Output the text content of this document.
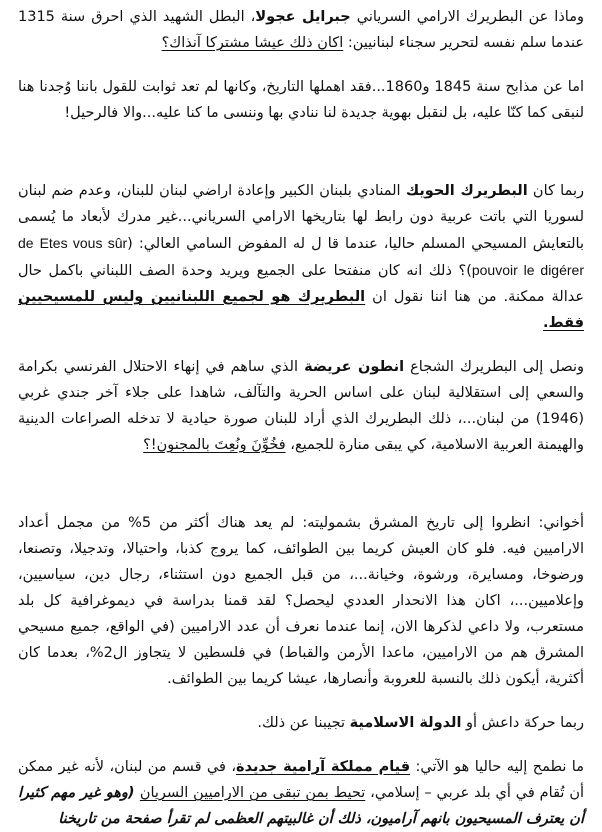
وماذا عن البطريرك الارامي السرياني جبرايل عجولا، البطل الشهيد الذي احرق سنة 1315 عندما سلم نفسه لتحرير سجناء لبنانيين: اكان ذلك عيشا مشتركا آنذاك؟

اما عن مذابح سنة 1845 و1860...فقد اهملها التاريخ، وكانها لم تعد ثوابت للقول باننا وُجدنا هنا لنبقى كما كنّا عليه، بل لنقبل بهوية جديدة لنا ننادي بها وننسى ما كنا عليه...والا فالرحيل!

ربما كان البطريرك الحويك المنادي بلبنان الكبير وإعادة اراضي لبنان للبنان، وعدم ضم لبنان لسوريا التي باتت عربية دون رابط لها بتاريخها الارامي السرياني...غير مدرك لأبعاد ما يُسمى بالتعايش المسيحي المسلم حاليا، عندما قا ل له المفوض السامي العالي: (Etes vous sûr de pouvoir le digérer)؟ ذلك انه كان منفتحا على الجميع ويريد وحدة الصف اللبناني باكمل حال عدالة ممكنة. من هنا اننا نقول ان البطريرك هو لجميع اللبنانيين وليس للمسيحيين فقط.

ونصل إلى البطريرك الشجاع انطون عريضة الذي ساهم في إنهاء الاحتلال الفرنسي بكرامة والسعي إلى استقلالية لبنان على اساس الحرية والتآلف، شاهدا على جلاء آخر جندي غربي (1946) من لبنان...، ذلك البطريرك الذي أراد للبنان صورة حيادية لا تدخله الصراعات الدينية والهيمنة العربية الاسلامية، كي يبقى منارة للجميع، فخُوِّنَ ونُعِتَ بالمجنون!؟

أخواني: انظروا إلى تاريخ المشرق بشموليته: لم يعد هناك أكثر من 5% من مجمل أعداد الاراميين فيه. فلو كان العيش كريما بين الطوائف، كما يروج كذبا، واحتيالا، وتدجيلا، وتصنعا، ورضوخا، ومسايرة، ورشوة، وخيانة...، من قبل الجميع دون استثناء، رجال دين، سياسيين، وإعلاميين...، اكان هذا الانحدار العددي ليحصل؟ لقد قمنا بدراسة في ديموغرافية كل بلد مستعرب، ولا داعي لذكرها الان، إنما عندما نعرف أن عدد الاراميين (في الواقع، جميع مسيحي المشرق هم من الاراميين، ماعدا الأرمن والقباط) في فلسطين لا يتجاوز ال2%، بعدما كان أكثرية، أيكون ذلك بالنسبة للعروبة وأنصارها، عيشا كريما بين الطوائف.

ربما حركة داعش أو الدولة الاسلامية تجيبنا عن ذلك.

ما نطمح إليه حاليا هو الآتي: قيام مملكة آرامية جديدة، في قسم من لبنان، لأنه غير ممكن أن تُقام في أي بلد عربي – إسلامي، تحيط بمن تبقى من الاراميين السريان (وهو غير مهم كثيرا أن يعترف المسيحيون بانهم آراميون، ذلك أن غالبيتهم العظمى لم تقرأ صفحة من تاريخنا
